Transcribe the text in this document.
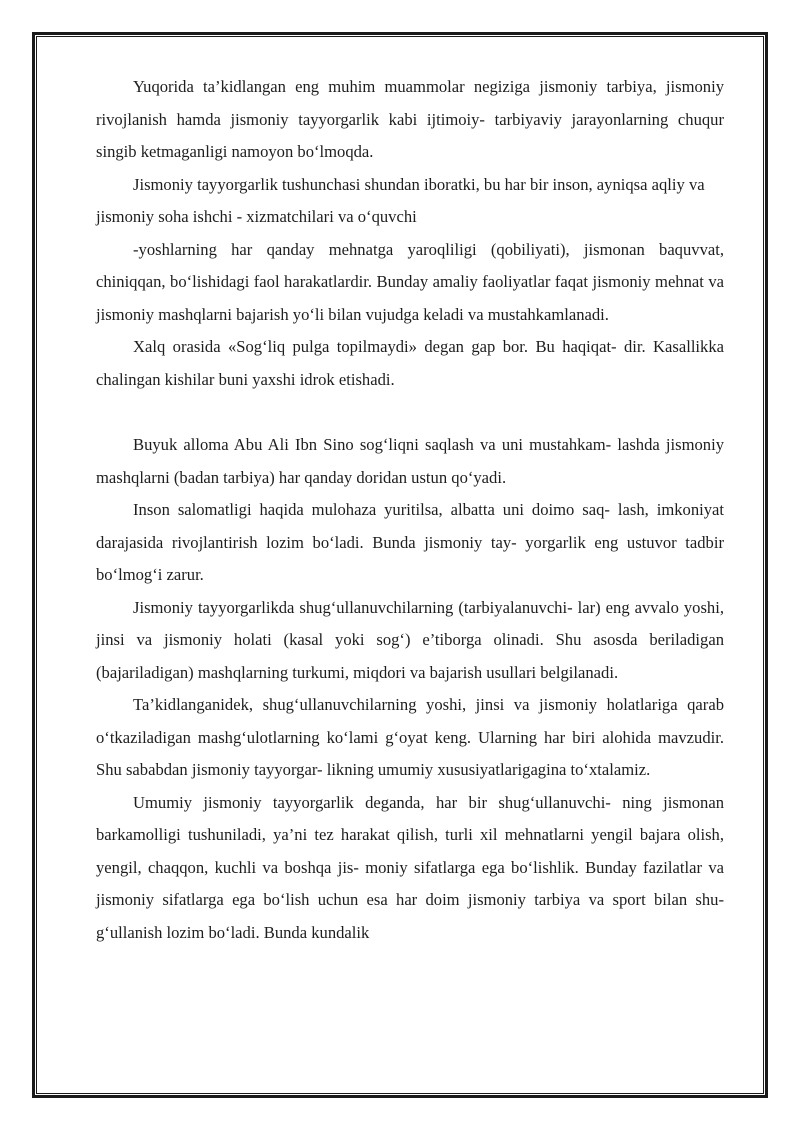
Yuqorida ta’kidlangan eng muhim muammolar negiziga jismoniy tarbiya, jismoniy rivojlanish hamda jismoniy tayyorgarlik kabi ijtimoiy- tarbiyaviy jarayonlarning chuqur singib ketmaganligi namoyon bo‘lmoqda.

Jismoniy tayyorgarlik tushunchasi shundan iboratki, bu har bir inson, ayniqsa aqliy va jismoniy soha ishchi - xizmatchilari va o‘quvchi

-yoshlarning har qanday mehnatga yaroqliligi (qobiliyati), jismonan baquvvat, chiniqqan, bo‘lishidagi faol harakatlardir. Bunday amaliy faoliyatlar faqat jismoniy mehnat va jismoniy mashqlarni bajarish yo‘li bilan vujudga keladi va mustahkamlanadi.

Xalq orasida «Sog‘liq pulga topilmaydi» degan gap bor. Bu haqiqat- dir. Kasallikka chalingan kishilar buni yaxshi idrok etishadi.

Buyuk alloma Abu Ali Ibn Sino sog‘liqni saqlash va uni mustahkam- lashda jismoniy mashqlarni (badan tarbiya) har qanday doridan ustun qo‘yadi.

Inson salomatligi haqida mulohaza yuritilsa, albatta uni doimo saq- lash, imkoniyat darajasida rivojlantirish lozim bo‘ladi. Bunda jismoniy tay- yorgarlik eng ustuvor tadbir bo‘lmog‘i zarur.

Jismoniy tayyorgarlikda shug‘ullanuvchilarning (tarbiyalanuvchi- lar) eng avvalo yoshi, jinsi va jismoniy holati (kasal yoki sog‘) e’tiborga olinadi. Shu asosda beriladigan (bajariladigan) mashqlarning turkumi, miqdori va bajarish usullari belgilanadi.

Ta’kidlanganidek, shug‘ullanuvchilarning yoshi, jinsi va jismoniy holatlariga qarab o‘tkaziladigan mashg‘ulotlarning ko‘lami g‘oyat keng. Ularning har biri alohida mavzudir. Shu sababdan jismoniy tayyorgar- likning umumiy xususiyatlarigagina to‘xtalamiz.

Umumiy jismoniy tayyorgarlik deganda, har bir shug‘ullanuvchi- ning jismonan barkamolligi tushuniladi, ya’ni tez harakat qilish, turli xil mehnatlarni yengil bajara olish, yengil, chaqqon, kuchli va boshqa jis- moniy sifatlarga ega bo‘lishlik. Bunday fazilatlar va jismoniy sifatlarga ega bo‘lish uchun esa har doim jismoniy tarbiya va sport bilan shu- g‘ullanish lozim bo‘ladi. Bunda kundalik
